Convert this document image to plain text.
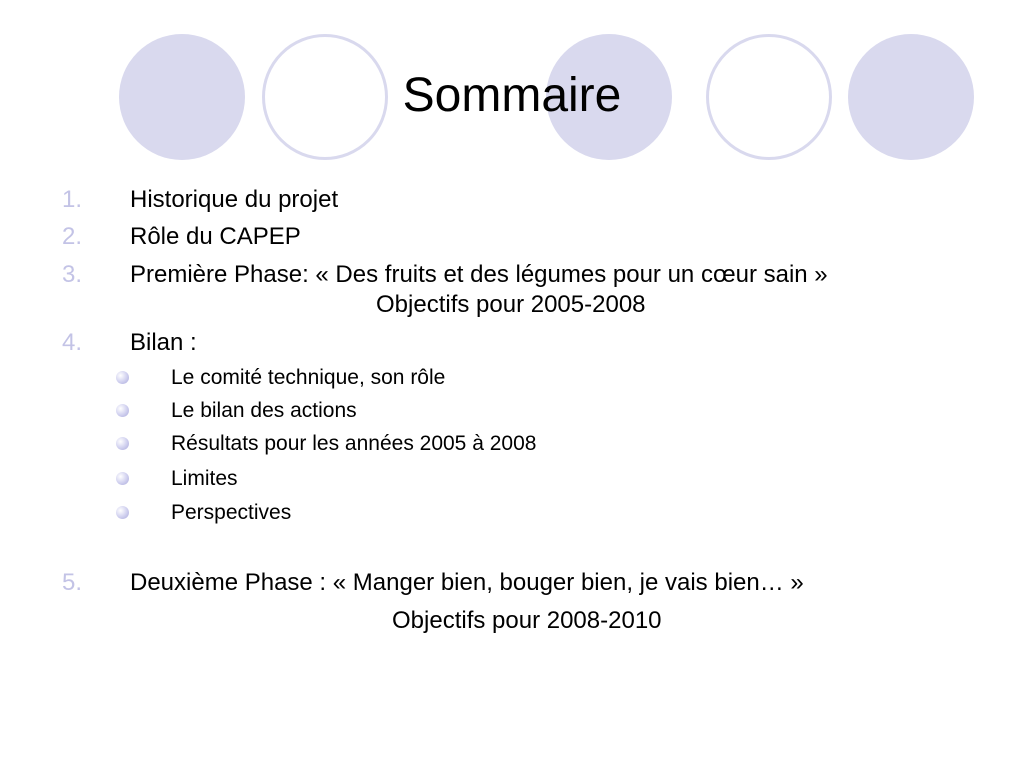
Sommaire
1. Historique du projet
2. Rôle du CAPEP
3. Première Phase: « Des fruits et des légumes pour un cœur sain »
Objectifs pour 2005-2008
4. Bilan :
Le comité technique, son rôle
Le bilan des actions
Résultats pour les années 2005 à 2008
Limites
Perspectives
5. Deuxième Phase : « Manger bien, bouger bien, je vais bien… »
Objectifs pour 2008-2010
